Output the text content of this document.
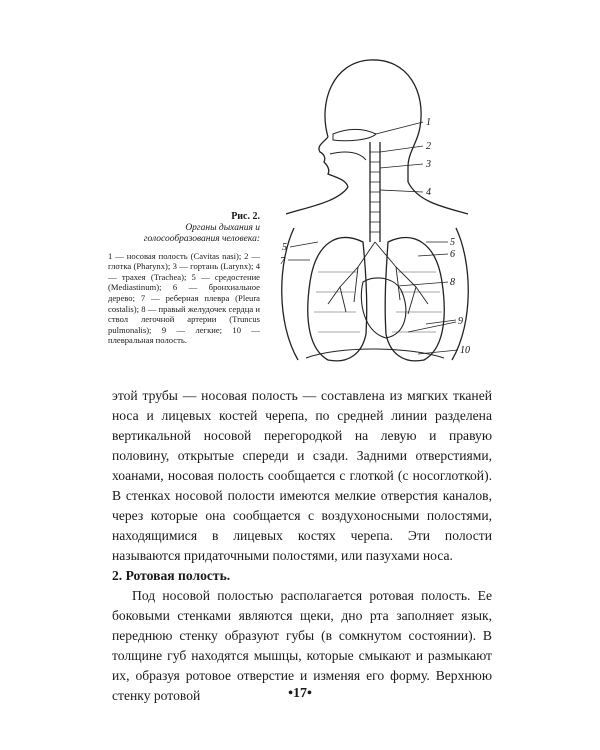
1
2
3
4
5	5
6
7
8
9
10
Рис. 2.
Органы дыхания и голосообразования человека:
1 — носовая полость (Cavitas nasi); 2 — глотка (Pharynx); 3 — гортань (Larynx); 4 — трахея (Trachea); 5 — средостение (Mediastinum); 6 — бронхиальное дерево; 7 — реберная плевра (Pleura costalis); 8 — правый желудочек сердца и ствол легочной артерии (Truncus pulmonalis); 9 — легкие; 10 — плевральная полость.

этой трубы — носовая полость — составлена из мягких тканей носа и лицевых костей черепа, по средней линии разделена вертикальной носовой перегородкой на левую и правую половину, открытые спереди и сзади. Задними отверстиями, хоанами, носовая полость сообщается с глоткой (с носоглоткой). В стенках носовой полости имеются мелкие отверстия каналов, через которые она сообщается с воздухоносными полостями, находящимися в лицевых костях черепа. Эти полости называются придаточными полостями, или пазухами носа.

2. Ротовая полость.

Под носовой полостью располагается ротовая полость. Ее боковыми стенками являются щеки, дно рта заполняет язык, переднюю стенку образуют губы (в сомкнутом состоянии). В толщине губ находятся мышцы, которые смыкают и размыкают их, образуя ротовое отверстие и изменяя его форму. Верхнюю стенку ротовой	•17•
